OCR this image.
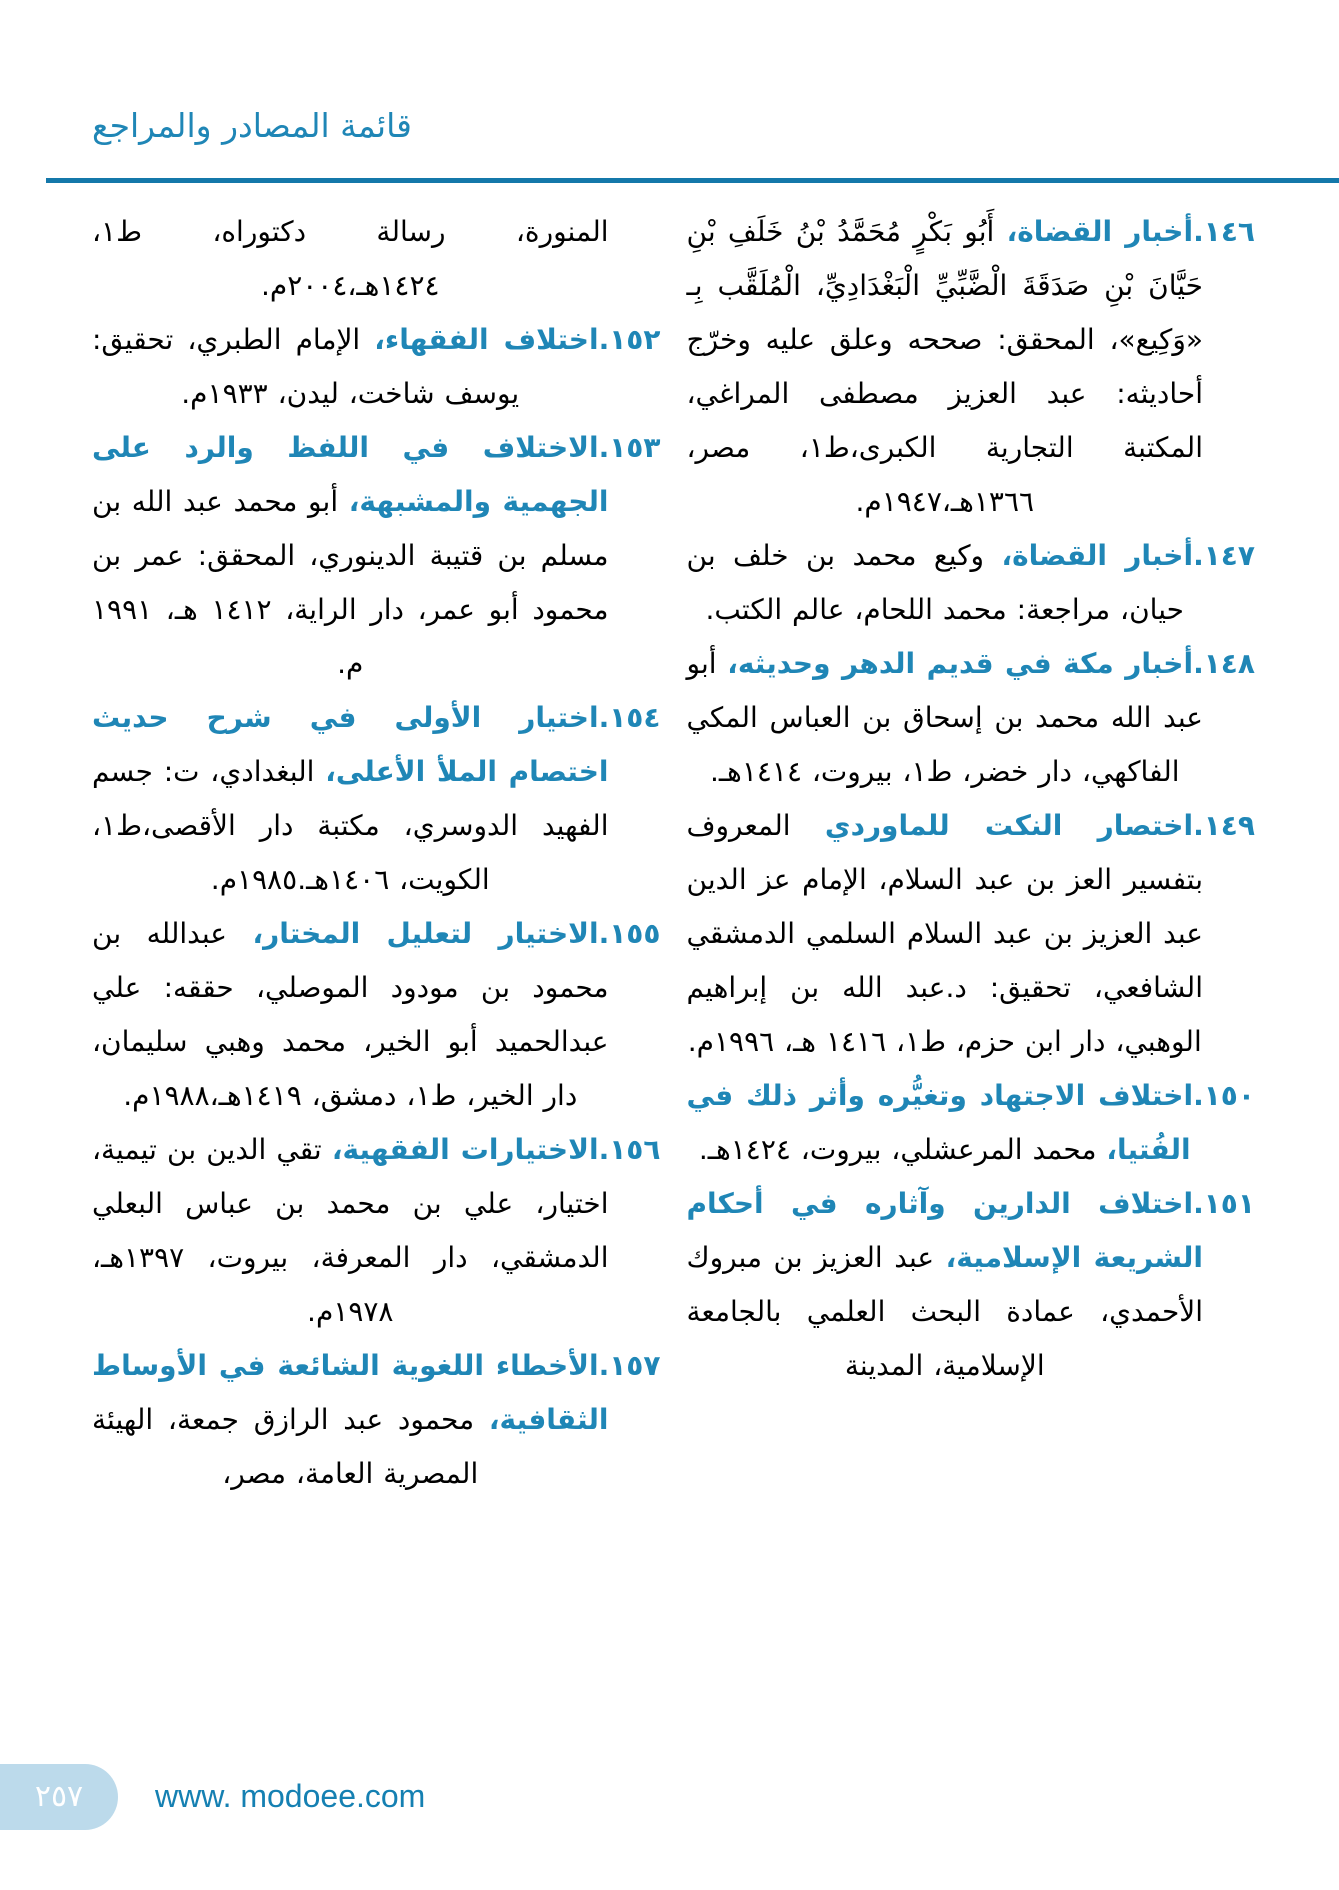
قائمة المصادر والمراجع

١٤٦.أخبار القضاة، أَبُو بَكْرٍ مُحَمَّدُ بْنُ خَلَفِ بْنِ حَيَّانَ بْنِ صَدَقَةَ الْضَّبِّيِّ الْبَغْدَادِيِّ، الْمُلَقَّب بِـ «وَكِيع»، المحقق: صححه وعلق عليه وخرّج أحاديثه: عبد العزيز مصطفى المراغي، المكتبة التجارية الكبرى،ط١، مصر، ١٣٦٦هـ،١٩٤٧م.

١٤٧.أخبار القضاة، وكيع محمد بن خلف بن حيان، مراجعة: محمد اللحام، عالم الكتب.

١٤٨.أخبار مكة في قديم الدهر وحديثه، أبو عبد الله محمد بن إسحاق بن العباس المكي الفاكهي، دار خضر، ط١، بيروت، ١٤١٤هـ.

١٤٩.اختصار النكت للماوردي المعروف بتفسير العز بن عبد السلام، الإمام عز الدين عبد العزيز بن عبد السلام السلمي الدمشقي الشافعي، تحقيق: د.عبد الله بن إبراهيم الوهبي، دار ابن حزم، ط١، ١٤١٦ هـ، ١٩٩٦م.

١٥٠.اختلاف الاجتهاد وتغيُّره وأثر ذلك في الفُتيا، محمد المرعشلي، بيروت، ١٤٢٤هـ.

١٥١.اختلاف الدارين وآثاره في أحكام الشريعة الإسلامية، عبد العزيز بن مبروك الأحمدي، عمادة البحث العلمي بالجامعة الإسلامية، المدينة

المنورة، رسالة دكتوراه، ط١، ١٤٢٤هـ،٢٠٠٤م.

١٥٢.اختلاف الفقهاء، الإمام الطبري، تحقيق: يوسف شاخت، ليدن، ١٩٣٣م.

١٥٣.الاختلاف في اللفظ والرد على الجهمية والمشبهة، أبو محمد عبد الله بن مسلم بن قتيبة الدينوري، المحقق: عمر بن محمود أبو عمر، دار الراية، ١٤١٢ هـ، ١٩٩١ م.

١٥٤.اختيار الأولى في شرح حديث اختصام الملأ الأعلى، البغدادي، ت: جسم الفهيد الدوسري، مكتبة دار الأقصى،ط١، الكويت، ١٤٠٦هـ.١٩٨٥م.

١٥٥.الاختيار لتعليل المختار، عبدالله بن محمود بن مودود الموصلي، حققه: علي عبدالحميد أبو الخير، محمد وهبي سليمان، دار الخير، ط١، دمشق، ١٤١٩هـ،١٩٨٨م.

١٥٦.الاختيارات الفقهية، تقي الدين بن تيمية، اختيار، علي بن محمد بن عباس البعلي الدمشقي، دار المعرفة، بيروت، ١٣٩٧هـ، ١٩٧٨م.

١٥٧.الأخطاء اللغوية الشائعة في الأوساط الثقافية، محمود عبد الرازق جمعة، الهيئة المصرية العامة، مصر،

٢٥٧	www. modoee.com
